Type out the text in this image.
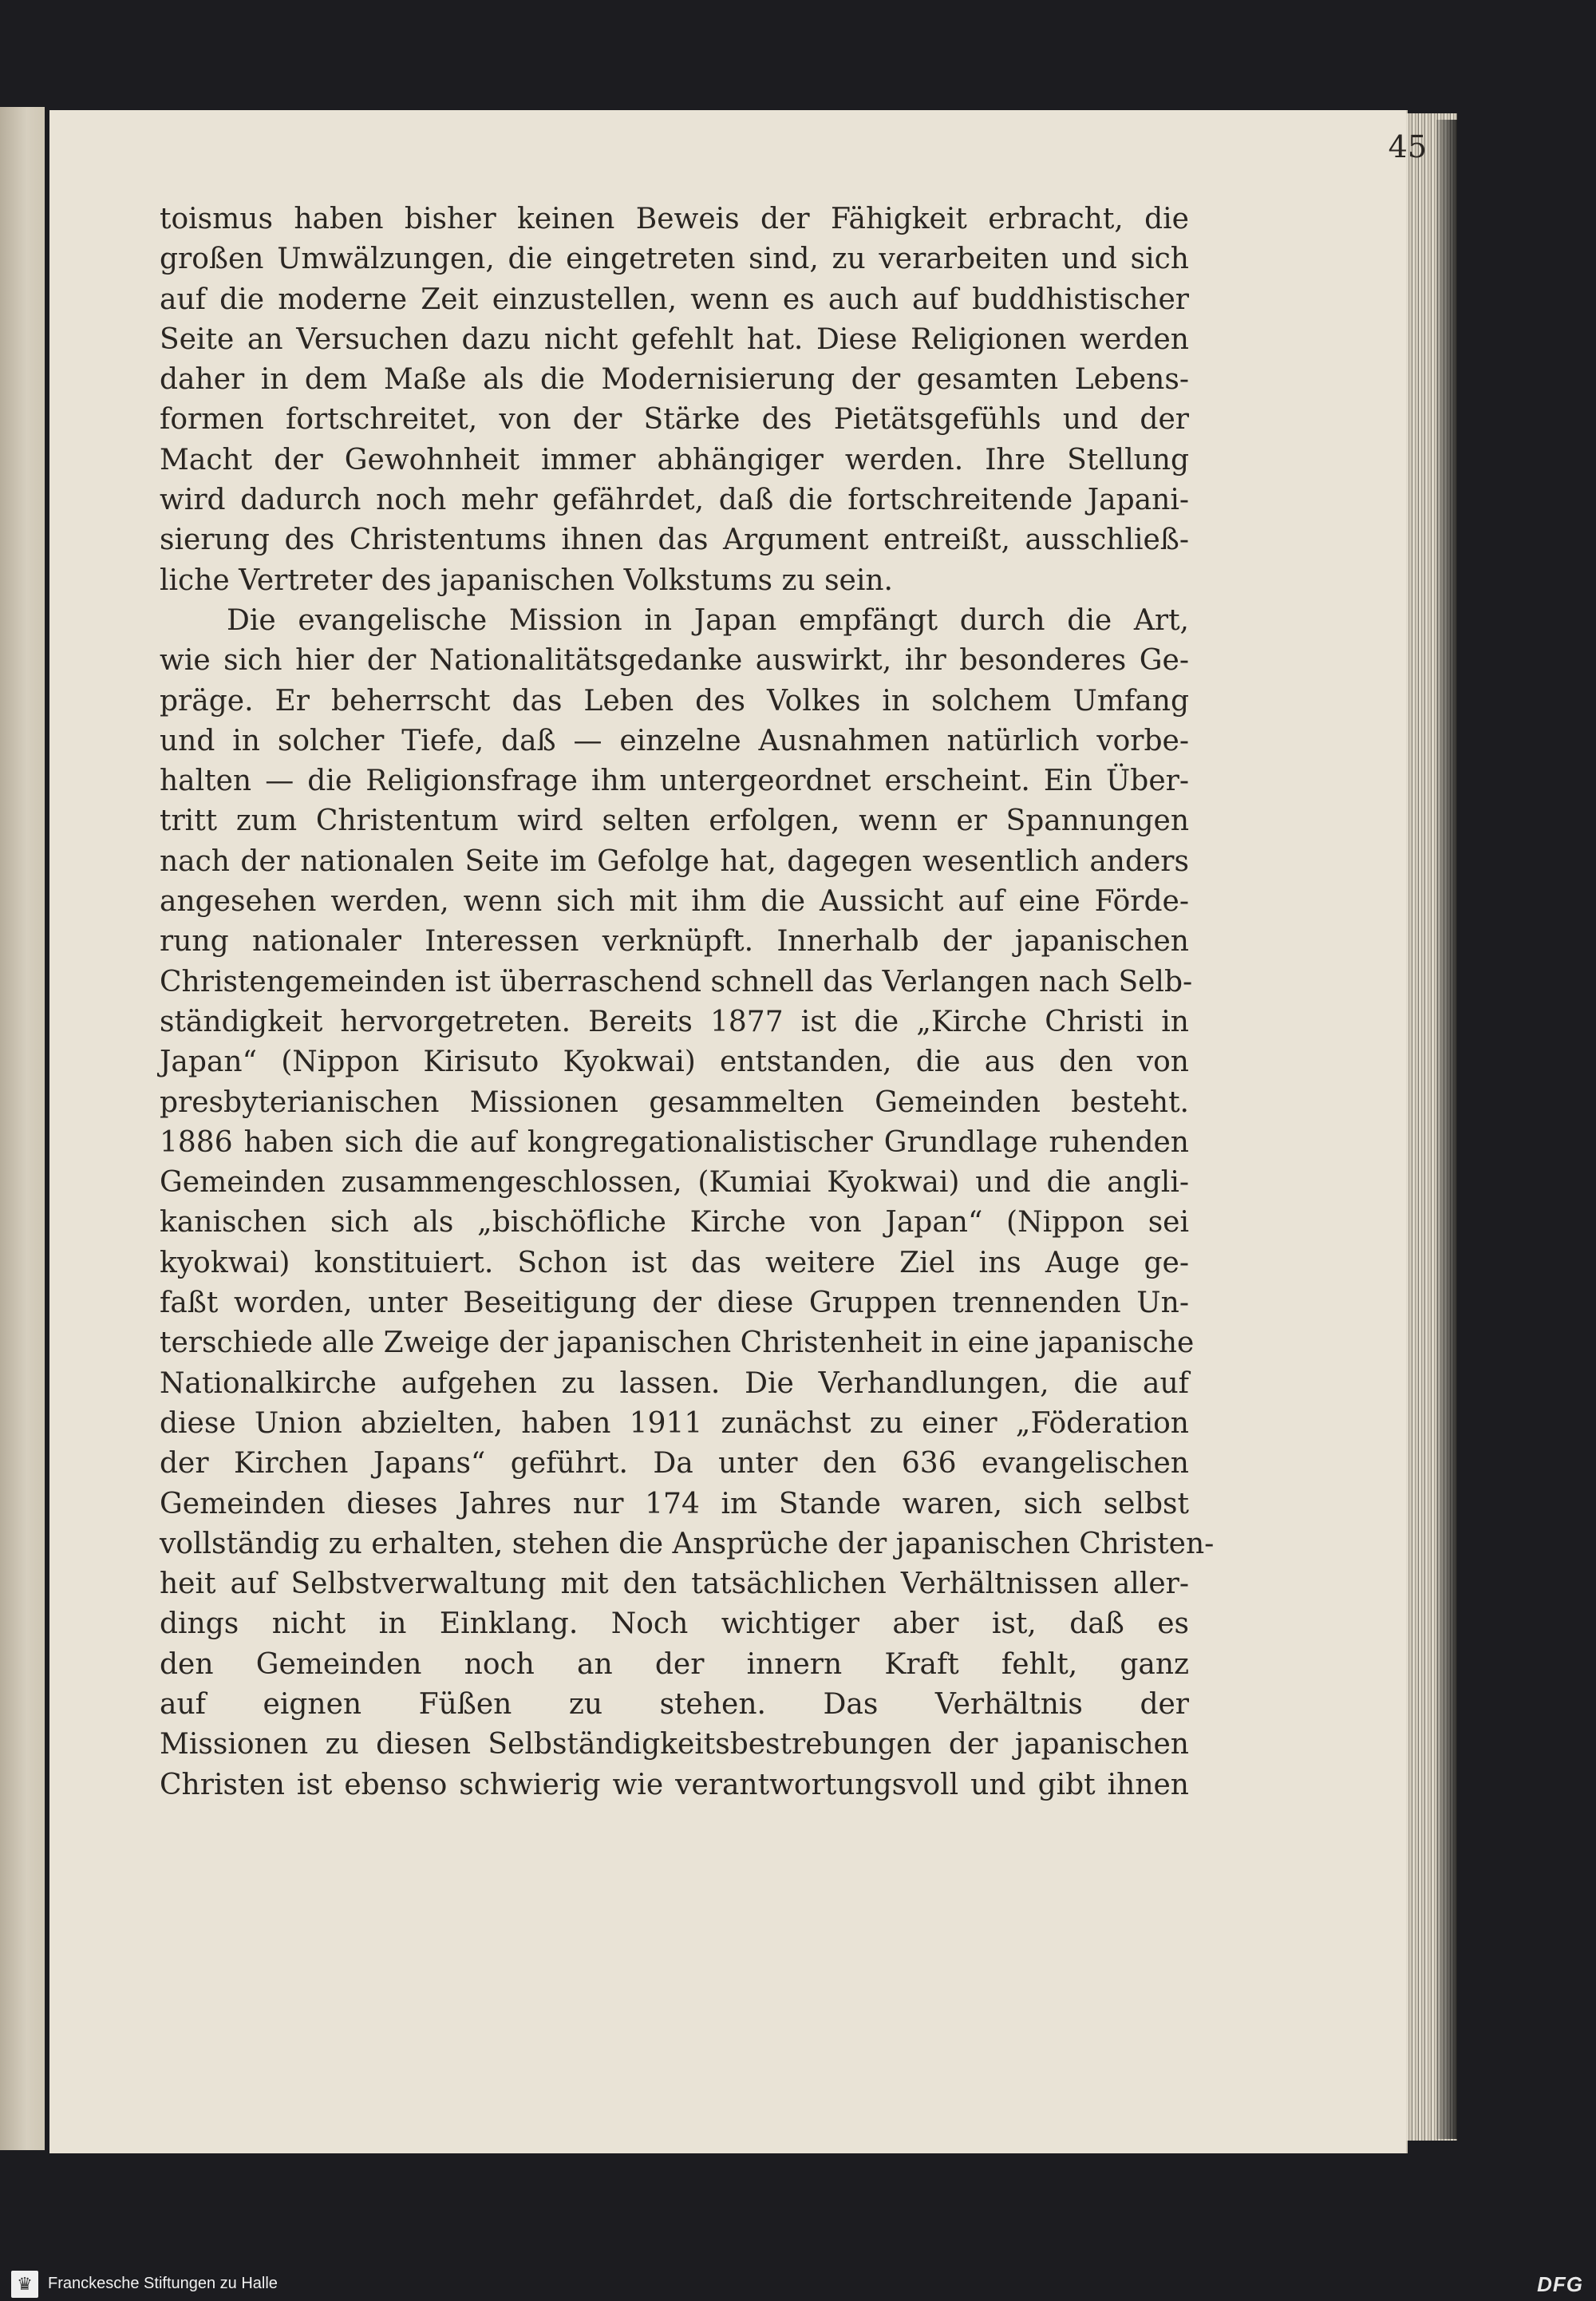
45
toismus haben bisher keinen Beweis der Fähigkeit erbracht, die
großen Umwälzungen, die eingetreten sind, zu verarbeiten und sich
auf die moderne Zeit einzustellen, wenn es auch auf buddhistischer
Seite an Versuchen dazu nicht gefehlt hat. Diese Religionen werden
daher in dem Maße als die Modernisierung der gesamten Lebens-
formen fortschreitet, von der Stärke des Pietätsgefühls und der
Macht der Gewohnheit immer abhängiger werden. Ihre Stellung
wird dadurch noch mehr gefährdet, daß die fortschreitende Japani-
sierung des Christentums ihnen das Argument entreißt, ausschließ-
liche Vertreter des japanischen Volkstums zu sein.
Die evangelische Mission in Japan empfängt durch die Art,
wie sich hier der Nationalitätsgedanke auswirkt, ihr besonderes Ge-
präge. Er beherrscht das Leben des Volkes in solchem Umfang
und in solcher Tiefe, daß — einzelne Ausnahmen natürlich vorbe-
halten — die Religionsfrage ihm untergeordnet erscheint. Ein Über-
tritt zum Christentum wird selten erfolgen, wenn er Spannungen
nach der nationalen Seite im Gefolge hat, dagegen wesentlich anders
angesehen werden, wenn sich mit ihm die Aussicht auf eine Förde-
rung nationaler Interessen verknüpft. Innerhalb der japanischen
Christengemeinden ist überraschend schnell das Verlangen nach Selb-
ständigkeit hervorgetreten. Bereits 1877 ist die „Kirche Christi in
Japan“ (Nippon Kirisuto Kyokwai) entstanden, die aus den von
presbyterianischen Missionen gesammelten Gemeinden besteht.
1886 haben sich die auf kongregationalistischer Grundlage ruhenden
Gemeinden zusammengeschlossen, (Kumiai Kyokwai) und die angli-
kanischen sich als „bischöfliche Kirche von Japan“ (Nippon sei
kyokwai) konstituiert. Schon ist das weitere Ziel ins Auge ge-
faßt worden, unter Beseitigung der diese Gruppen trennenden Un-
terschiede alle Zweige der japanischen Christenheit in eine japanische
Nationalkirche aufgehen zu lassen. Die Verhandlungen, die auf
diese Union abzielten, haben 1911 zunächst zu einer „Föderation
der Kirchen Japans“ geführt. Da unter den 636 evangelischen
Gemeinden dieses Jahres nur 174 im Stande waren, sich selbst
vollständig zu erhalten, stehen die Ansprüche der japanischen Christen-
heit auf Selbstverwaltung mit den tatsächlichen Verhältnissen aller-
dings nicht in Einklang. Noch wichtiger aber ist, daß es
den Gemeinden noch an der innern Kraft fehlt, ganz
auf eignen Füßen zu stehen. Das Verhältnis der
Missionen zu diesen Selbständigkeitsbestrebungen der japanischen
Christen ist ebenso schwierig wie verantwortungsvoll und gibt ihnen
♛ Franckesche Stiftungen zu Halle	DFG
